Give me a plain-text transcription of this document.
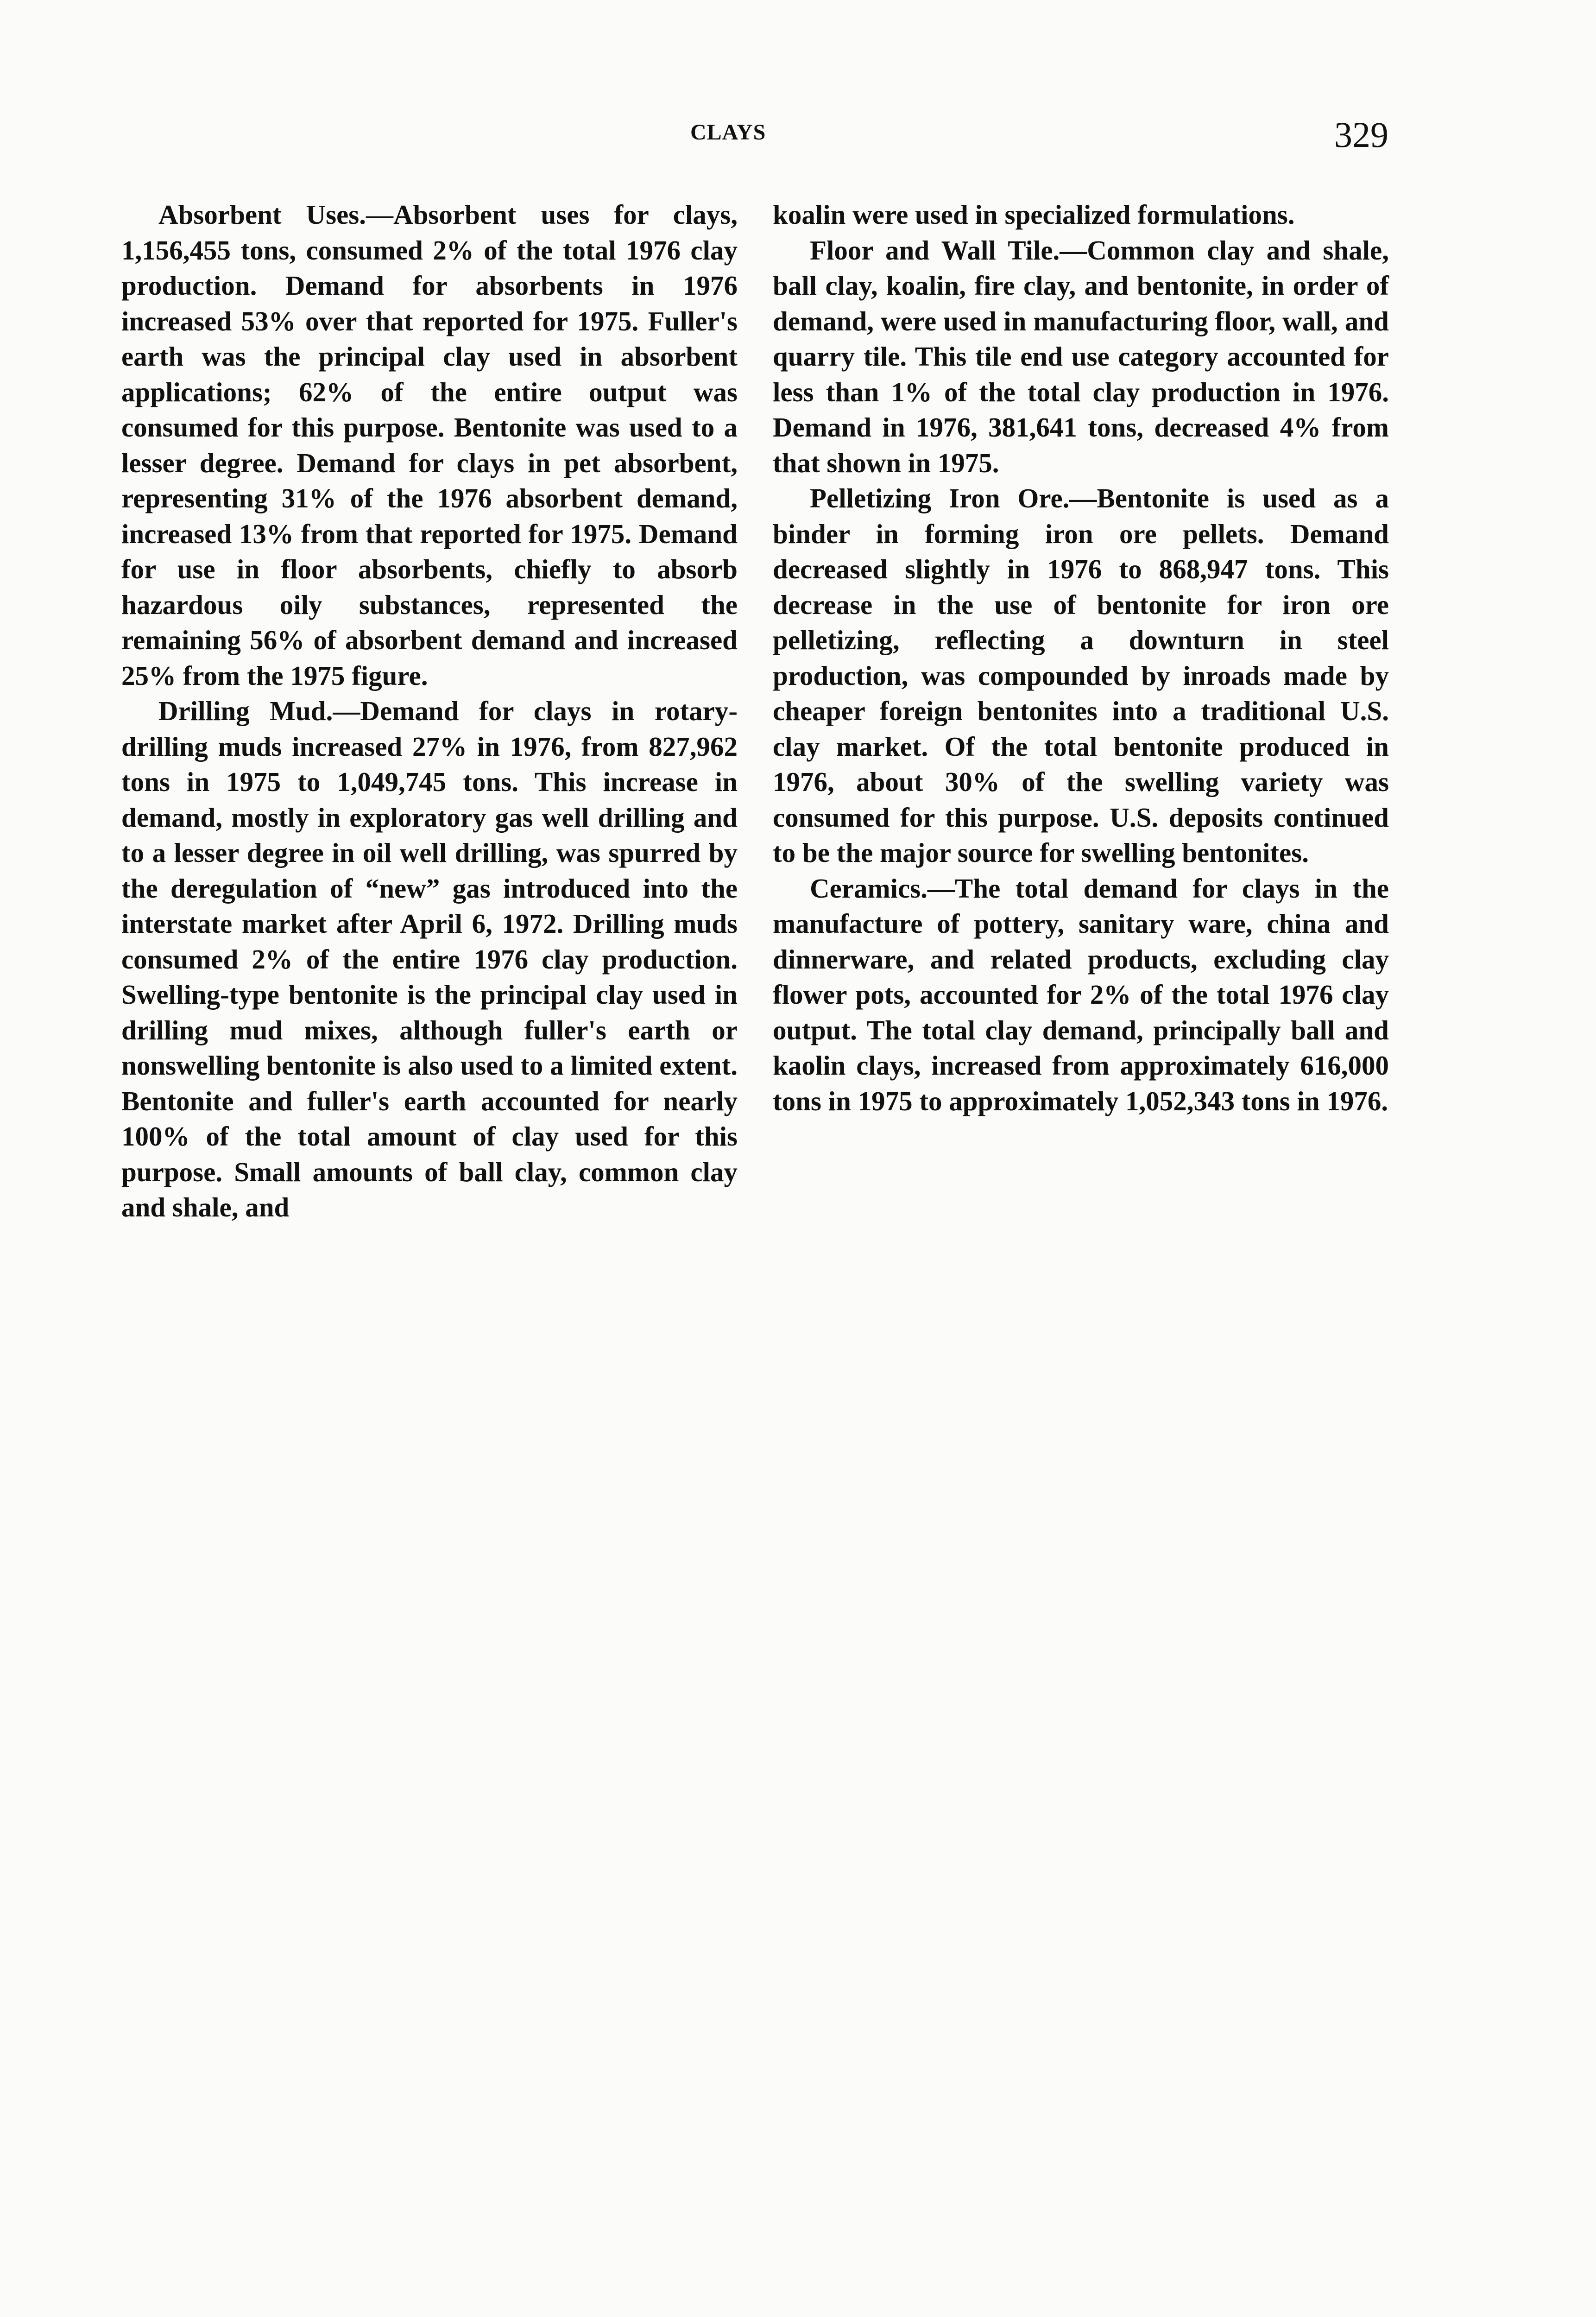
CLAYS	329

Absorbent Uses.—Absorbent uses for clays, 1,156,455 tons, consumed 2% of the total 1976 clay production. Demand for absorbents in 1976 increased 53% over that reported for 1975. Fuller's earth was the principal clay used in absorbent applications; 62% of the entire output was consumed for this purpose. Bentonite was used to a lesser degree. Demand for clays in pet absorbent, representing 31% of the 1976 absorbent demand, increased 13% from that reported for 1975. Demand for use in floor absorbents, chiefly to absorb hazardous oily substances, represented the remaining 56% of absorbent demand and increased 25% from the 1975 figure.

Drilling Mud.—Demand for clays in rotary-drilling muds increased 27% in 1976, from 827,962 tons in 1975 to 1,049,745 tons. This increase in demand, mostly in exploratory gas well drilling and to a lesser degree in oil well drilling, was spurred by the deregulation of “new” gas introduced into the interstate market after April 6, 1972. Drilling muds consumed 2% of the entire 1976 clay production. Swelling-type bentonite is the principal clay used in drilling mud mixes, although fuller's earth or nonswelling bentonite is also used to a limited extent. Bentonite and fuller's earth accounted for nearly 100% of the total amount of clay used for this purpose. Small amounts of ball clay, common clay and shale, and

koalin were used in specialized formulations.

Floor and Wall Tile.—Common clay and shale, ball clay, koalin, fire clay, and bentonite, in order of demand, were used in manufacturing floor, wall, and quarry tile. This tile end use category accounted for less than 1% of the total clay production in 1976. Demand in 1976, 381,641 tons, decreased 4% from that shown in 1975.

Pelletizing Iron Ore.—Bentonite is used as a binder in forming iron ore pellets. Demand decreased slightly in 1976 to 868,947 tons. This decrease in the use of bentonite for iron ore pelletizing, reflecting a downturn in steel production, was compounded by inroads made by cheaper foreign bentonites into a traditional U.S. clay market. Of the total bentonite produced in 1976, about 30% of the swelling variety was consumed for this purpose. U.S. deposits continued to be the major source for swelling bentonites.

Ceramics.—The total demand for clays in the manufacture of pottery, sanitary ware, china and dinnerware, and related products, excluding clay flower pots, accounted for 2% of the total 1976 clay output. The total clay demand, principally ball and kaolin clays, increased from approximately 616,000 tons in 1975 to approximately 1,052,343 tons in 1976.
